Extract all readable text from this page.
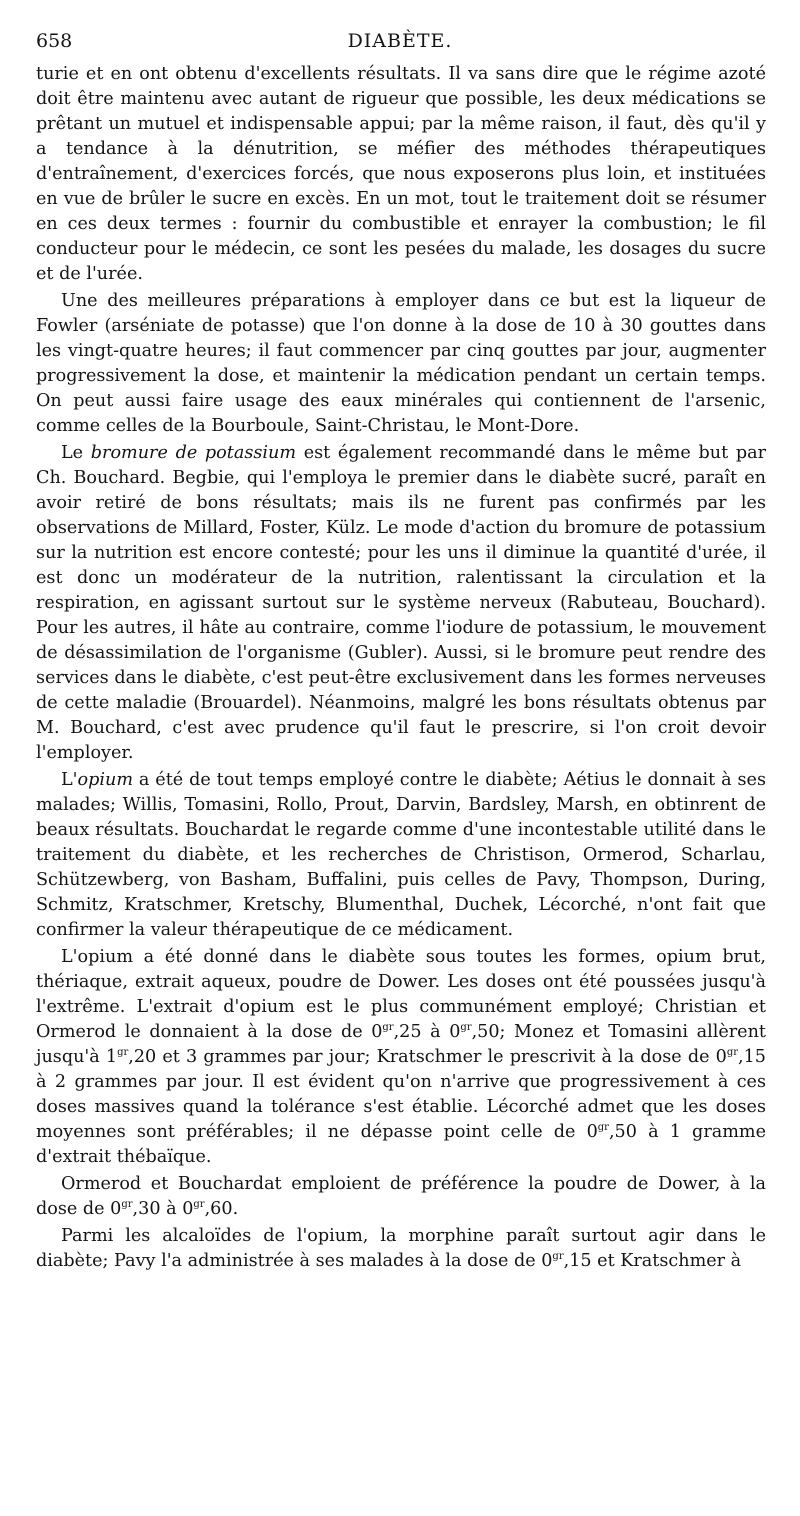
658	DIABÈTE.

turie et en ont obtenu d'excellents résultats. Il va sans dire que le régime azoté doit être maintenu avec autant de rigueur que possible, les deux médications se prêtant un mutuel et indispensable appui; par la même raison, il faut, dès qu'il y a tendance à la dénutrition, se méfier des méthodes thérapeutiques d'entraînement, d'exercices forcés, que nous exposerons plus loin, et instituées en vue de brûler le sucre en excès. En un mot, tout le traitement doit se résumer en ces deux termes : fournir du combustible et enrayer la combustion; le fil conducteur pour le médecin, ce sont les pesées du malade, les dosages du sucre et de l'urée.

Une des meilleures préparations à employer dans ce but est la liqueur de Fowler (arséniate de potasse) que l'on donne à la dose de 10 à 30 gouttes dans les vingt-quatre heures; il faut commencer par cinq gouttes par jour, augmenter progressivement la dose, et maintenir la médication pendant un certain temps. On peut aussi faire usage des eaux minérales qui contiennent de l'arsenic, comme celles de la Bourboule, Saint-Christau, le Mont-Dore.

Le bromure de potassium est également recommandé dans le même but par Ch. Bouchard. Begbie, qui l'employa le premier dans le diabète sucré, paraît en avoir retiré de bons résultats; mais ils ne furent pas confirmés par les observations de Millard, Foster, Külz. Le mode d'action du bromure de potassium sur la nutrition est encore contesté; pour les uns il diminue la quantité d'urée, il est donc un modérateur de la nutrition, ralentissant la circulation et la respiration, en agissant surtout sur le système nerveux (Rabuteau, Bouchard). Pour les autres, il hâte au contraire, comme l'iodure de potassium, le mouvement de désassimilation de l'organisme (Gubler). Aussi, si le bromure peut rendre des services dans le diabète, c'est peut-être exclusivement dans les formes nerveuses de cette maladie (Brouardel). Néanmoins, malgré les bons résultats obtenus par M. Bouchard, c'est avec prudence qu'il faut le prescrire, si l'on croit devoir l'employer.

L'opium a été de tout temps employé contre le diabète; Aétius le donnait à ses malades; Willis, Tomasini, Rollo, Prout, Darvin, Bardsley, Marsh, en obtinrent de beaux résultats. Bouchardat le regarde comme d'une incontestable utilité dans le traitement du diabète, et les recherches de Christison, Ormerod, Scharlau, Schützewberg, von Basham, Buffalini, puis celles de Pavy, Thompson, During, Schmitz, Kratschmer, Kretschy, Blumenthal, Duchek, Lécorché, n'ont fait que confirmer la valeur thérapeutique de ce médicament.

L'opium a été donné dans le diabète sous toutes les formes, opium brut, thériaque, extrait aqueux, poudre de Dower. Les doses ont été poussées jusqu'à l'extrême. L'extrait d'opium est le plus communément employé; Christian et Ormerod le donnaient à la dose de $0^{gr},25$ à $0^{gr},50$; Monez et Tomasini allèrent jusqu'à $1^{gr},20$ et 3 grammes par jour; Kratschmer le prescrivit à la dose de $0^{gr},15$ à 2 grammes par jour. Il est évident qu'on n'arrive que progressivement à ces doses massives quand la tolérance s'est établie. Lécorché admet que les doses moyennes sont préférables; il ne dépasse point celle de $0^{gr},50$ à 1 gramme d'extrait thébaïque.

Ormerod et Bouchardat emploient de préférence la poudre de Dower, à la dose de $0^{gr},30$ à $0^{gr},60$.

Parmi les alcaloïdes de l'opium, la morphine paraît surtout agir dans le diabète; Pavy l'a administrée à ses malades à la dose de $0^{gr},15$ et Kratschmer à
